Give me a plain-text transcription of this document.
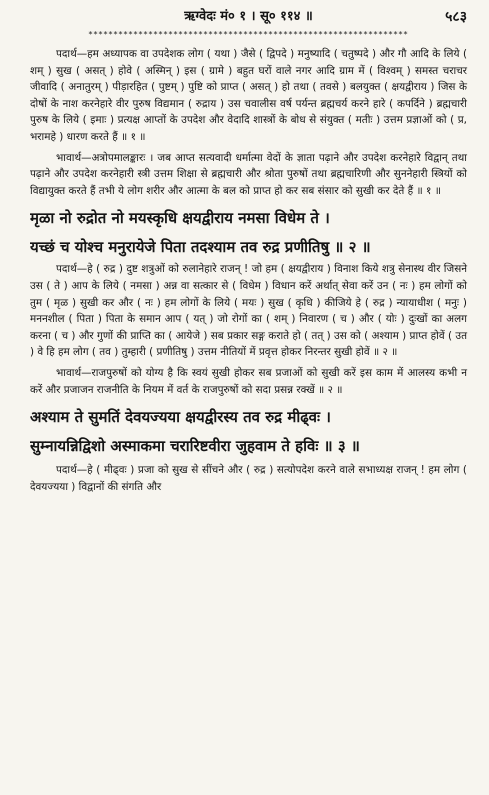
ऋग्वेदः मं० १ । सू० ११४ ॥	५८३
****************************************************************

पदार्थ—हम अध्यापक वा उपदेशक लोग ( यथा ) जैसे ( द्विपदे ) मनुष्यादि ( चतुष्पदे ) और गौ आदि के लिये ( शम् ) सुख ( असत् ) होवे ( अस्मिन् ) इस ( ग्रामे ) बहुत घरों वाले नगर आदि ग्राम में ( विश्वम् ) समस्त चराचर जीवादि ( अनातुरम् ) पीड़ारहित ( पुष्टम् ) पुष्टि को प्राप्त ( असत् ) हो तथा ( तवसे ) बलयुक्त ( क्षयद्वीराय ) जिस के दोषों के नाश करनेहारे वीर पुरुष विद्यमान ( रुद्राय ) उस चवालीस वर्ष पर्यन्त ब्रह्मचर्य करने हारे ( कपर्दिने ) ब्रह्मचारी पुरुष के लिये ( इमाः ) प्रत्यक्ष आप्तों के उपदेश और वेदादि शास्त्रों के बोध से संयुक्त ( मतीः ) उत्तम प्रज्ञाओं को ( प्र, भरामहे ) धारण करते हैं ॥ १ ॥

भावार्थ—अत्रोपमालङ्कारः । जब आप्त सत्यवादी धर्मात्मा वेदों के ज्ञाता पढ़ाने और उपदेश करनेहारे विद्वान् तथा पढ़ाने और उपदेश करनेहारी स्त्री उत्तम शिक्षा से ब्रह्मचारी और श्रोता पुरुषों तथा ब्रह्मचारिणी और सुननेहारी स्त्रियों को विद्यायुक्त करते हैं तभी ये लोग शरीर और आत्मा के बल को प्राप्त हो कर सब संसार को सुखी कर देते हैं ॥ १ ॥

मृळा नो रुद्रोत नो मयस्कृधि क्षयद्वीराय नमसा विधेम ते ।
यच्छं च योश्च मनुरायेजे पिता तदश्याम तव रुद्र प्रणीतिषु ॥ २ ॥

पदार्थ—हे ( रुद्र ) दुष्ट शत्रुओं को रुलानेहारे राजन् ! जो हम ( क्षयद्वीराय ) विनाश किये शत्रु सेनास्थ वीर जिसने उस ( ते ) आप के लिये ( नमसा ) अन्न वा सत्कार से ( विधेम ) विधान करें अर्थात् सेवा करें उन ( नः ) हम लोगों को तुम ( मृळ ) सुखी कर और ( नः ) हम लोगों के लिये ( मयः ) सुख ( कृधि ) कीजिये हे ( रुद्र ) न्यायाधीश ( मनुः ) मननशील ( पिता ) पिता के समान आप ( यत् ) जो रोगों का ( शम् ) निवारण ( च ) और ( योः ) दुःखों का अलग करना ( च ) और गुणों की प्राप्ति का ( आयेजे ) सब प्रकार सङ्ग कराते हो ( तत् ) उस को ( अश्याम ) प्राप्त होवें ( उत ) वे हि हम लोग ( तव ) तुम्हारी ( प्रणीतिषु ) उत्तम नीतियों में प्रवृत्त होकर निरन्तर सुखी होवें ॥ २ ॥

भावार्थ—राजपुरुषों को योग्य है कि स्वयं सुखी होकर सब प्रजाओं को सुखी करें इस काम में आलस्य कभी न करें और प्रजाजन राजनीति के नियम में वर्त के राजपुरुषों को सदा प्रसन्न रक्खें ॥ २ ॥

अश्याम ते सुमतिं देवयज्यया क्षयद्वीरस्य तव रुद्र मीढ्वः ।
सुम्नायन्निद्विशो अस्माकमा चरारिष्टवीरा जुहवाम ते हविः ॥ ३ ॥

पदार्थ—हे ( मीढ्वः ) प्रजा को सुख से सींचने और ( रुद्र ) सत्योपदेश करने वाले सभाध्यक्ष राजन् ! हम लोग ( देवयज्यया ) विद्वानों की संगति और
